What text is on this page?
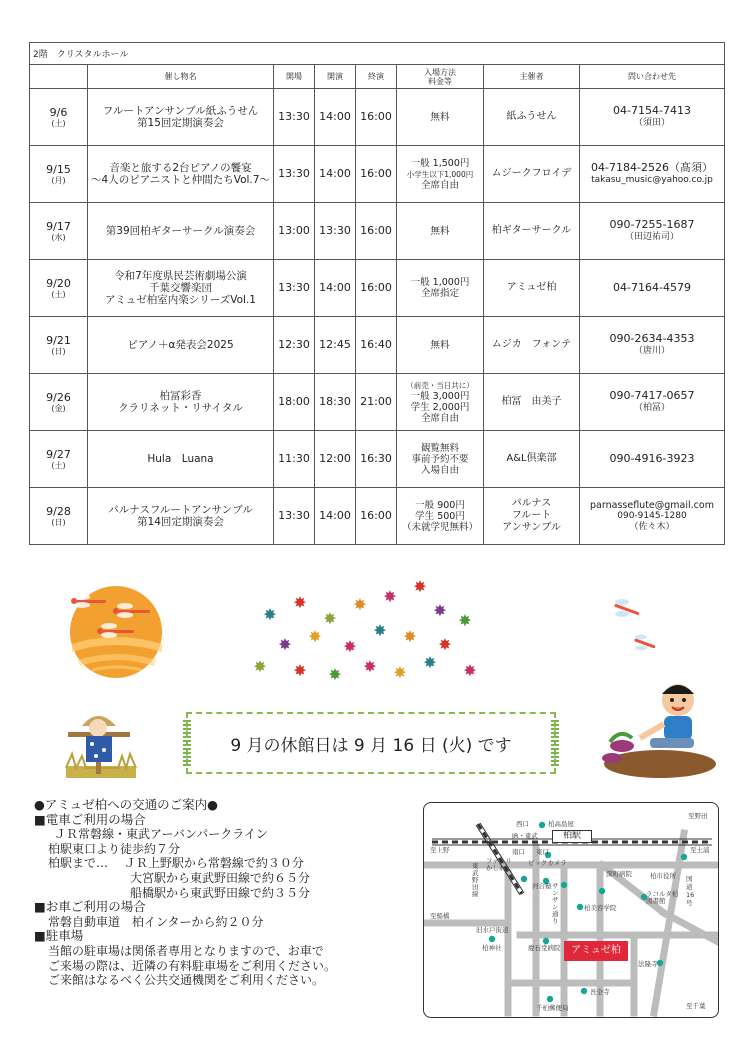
2階　クリスタルホール							
	催し物名	開場	開演	終演	入場方法
料金等	主催者	問い合わせ先
9/6
(土)	フルートアンサンブル紙ふうせん
第15回定期演奏会	13:30	14:00	16:00	無料	紙ふうせん	04-7154-7413
（須田）

9/15
(月)	音楽と旅する2台ピアノの饗宴
～4人のピアニストと仲間たちVol.7～	13:30	14:00	16:00	一般 1,500円
小学生以下1,000円
全席自由	ムジークフロイデ	04-7184-2526（髙須）
takasu_music@yahoo.co.jp

9/17
(水)	第39回柏ギターサークル演奏会	13:00	13:30	16:00	無料	柏ギターサークル	090-7255-1687
（田辺祐司）

9/20
(土)	令和7年度県民芸術劇場公演
千葉交響楽団
アミュゼ柏室内楽シリーズVol.1	13:30	14:00	16:00	一般 1,000円
全席指定	アミュゼ柏	04-7164-4579

9/21
(日)	ピアノ＋α発表会2025	12:30	12:45	16:40	無料	ムジカ　フォンテ	090-2634-4353
（唐川）

9/26
(金)	柏冨彩香
クラリネット・リサイタル	18:00	18:30	21:00	（前売・当日共に）
一般 3,000円
学生 2,000円
全席自由	柏冨　由美子	090-7417-0657
（柏冨）

9/27
(土)	Hula　Luana	11:30	12:00	16:30	観覧無料
事前予約不要
入場自由	A&L倶楽部	090-4916-3923

9/28
(日)	パルナスフルートアンサンブル
第14回定期演奏会	13:30	14:00	16:00	一般 900円
学生 500円
（未就学児無料）	パルナス
フルート
アンサンブル	parnasseflute@gmail.com
090-9145-1280
（佐々木）
✸
✸
✸
✸ ✸
✸
✸
✸
✸ ✸
✸
✸ ✸ ✸
✸ ✸ ✸ ✸ ✸
✸ ✸
9 月の休館日は 9 月 16 日 (火) です
●アミュゼ柏への交通のご案内●
■電車ご利用の場合
ＪＲ常磐線・東武アーバンパークライン
柏駅東口より徒歩約７分
柏駅まで…　 ＪＲ上野駅から常磐線で約３０分
大宮駅から東武野田線で約６５分
船橋駅から東武野田線で約３５分
■お車ご利用の場合
常磐自動車道　柏インターから約２０分
■駐車場
当館の駐車場は関係者専用となりますので、お車で
ご来場の際は、近隣の有料駐車場をご利用ください。
ご来館はなるべく公共交通機関をご利用ください。
柏駅
アミュゼ柏
西口
JR・東武
柏高島屋
至野田
至上野	至土浦
南口 東口
ファミリかしわ
ビックカメラ
柏市役所
河合塾
深町病院
ラコルタ柏 図書館
国道16号
東武野田線
至船橋
旧水戸街道
サンサン通り
柏美容学院
柏神社	慶石堂病院
法隆寺
長全寺
千柏郵便局	至千葉
